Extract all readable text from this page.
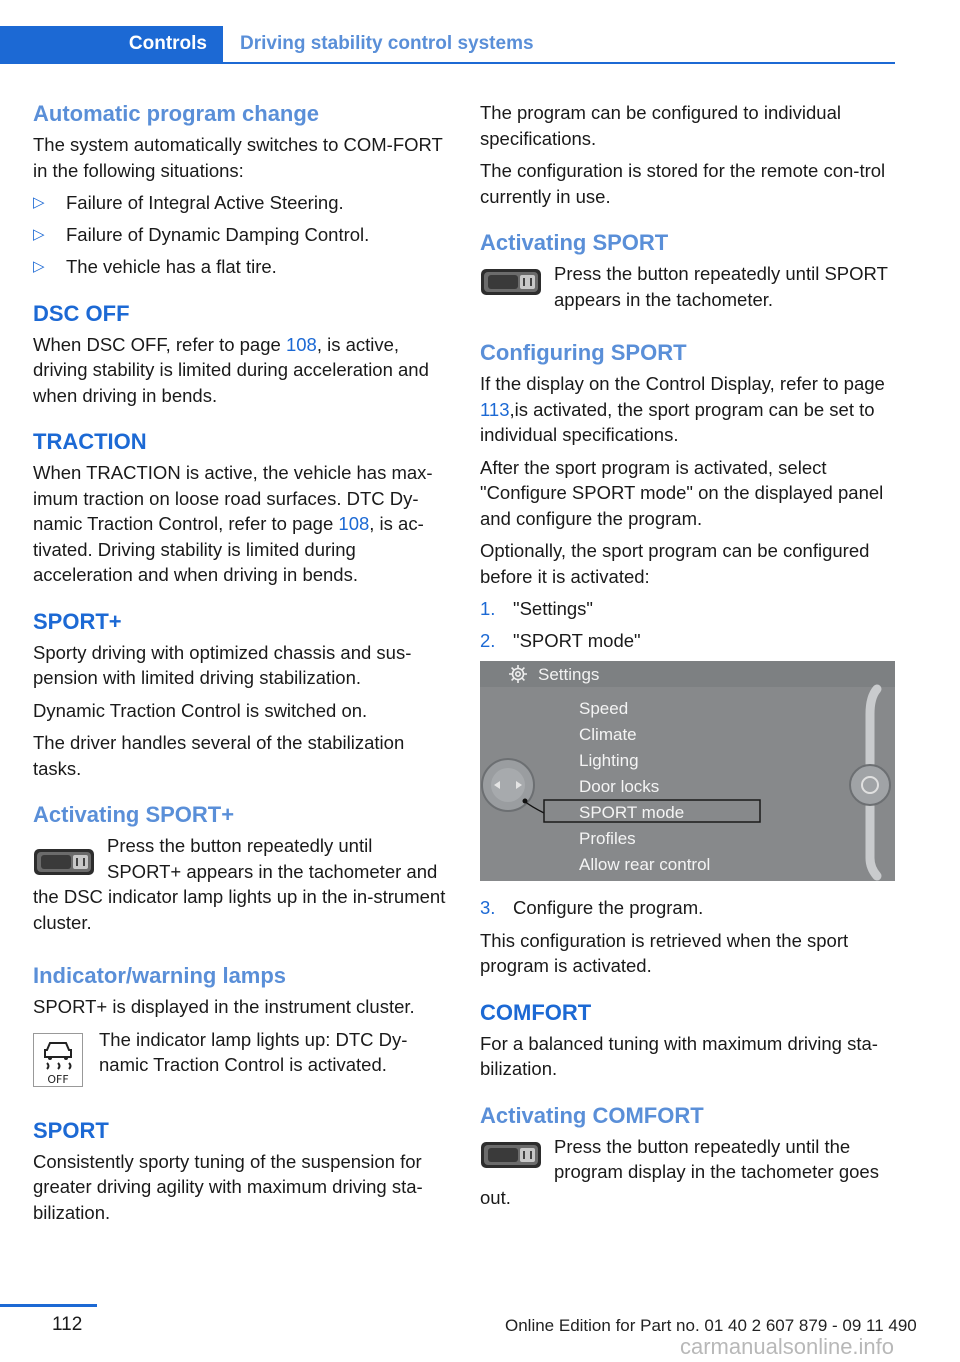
Controls	Driving stability control systems
Automatic program change

The system automatically switches to COM-FORT in the following situations:

▷ Failure of Integral Active Steering.
▷ Failure of Dynamic Damping Control.
▷ The vehicle has a flat tire.
DSC OFF

When DSC OFF, refer to page 108, is active, driving stability is limited during acceleration and when driving in bends.

TRACTION

When TRACTION is active, the vehicle has max-imum traction on loose road surfaces. DTC Dy-namic Traction Control, refer to page 108, is ac-tivated. Driving stability is limited during acceleration and when driving in bends.

SPORT+

Sporty driving with optimized chassis and sus-pension with limited driving stabilization.

Dynamic Traction Control is switched on.

The driver handles several of the stabilization tasks.

Activating SPORT+

Press the button repeatedly until SPORT+ appears in the tachometer and the DSC indicator lamp lights up in the in-strument cluster.

Indicator/warning lamps

SPORT+ is displayed in the instrument cluster.

OFF

The indicator lamp lights up: DTC Dy-namic Traction Control is activated.

SPORT

Consistently sporty tuning of the suspension for greater driving agility with maximum driving sta-bilization.

The program can be configured to individual specifications.

The configuration is stored for the remote con-trol currently in use.

Activating SPORT

Press the button repeatedly until SPORT appears in the tachometer.

Configuring SPORT

If the display on the Control Display, refer to page 113,is activated, the sport program can be set to individual specifications.

After the sport program is activated, select "Configure SPORT mode" on the displayed panel and configure the program.

Optionally, the sport program can be configured before it is activated:

1. "Settings"
2. "SPORT mode"
Settings
Speed
Climate
Lighting
Door locks
SPORT mode
Profiles
Allow rear control
3. Configure the program.

This configuration is retrieved when the sport program is activated.

COMFORT

For a balanced tuning with maximum driving sta-bilization.

Activating COMFORT

Press the button repeatedly until the program display in the tachometer goes out.

112	Online Edition for Part no. 01 40 2 607 879 - 09 11 490
carmanualsonline.info
